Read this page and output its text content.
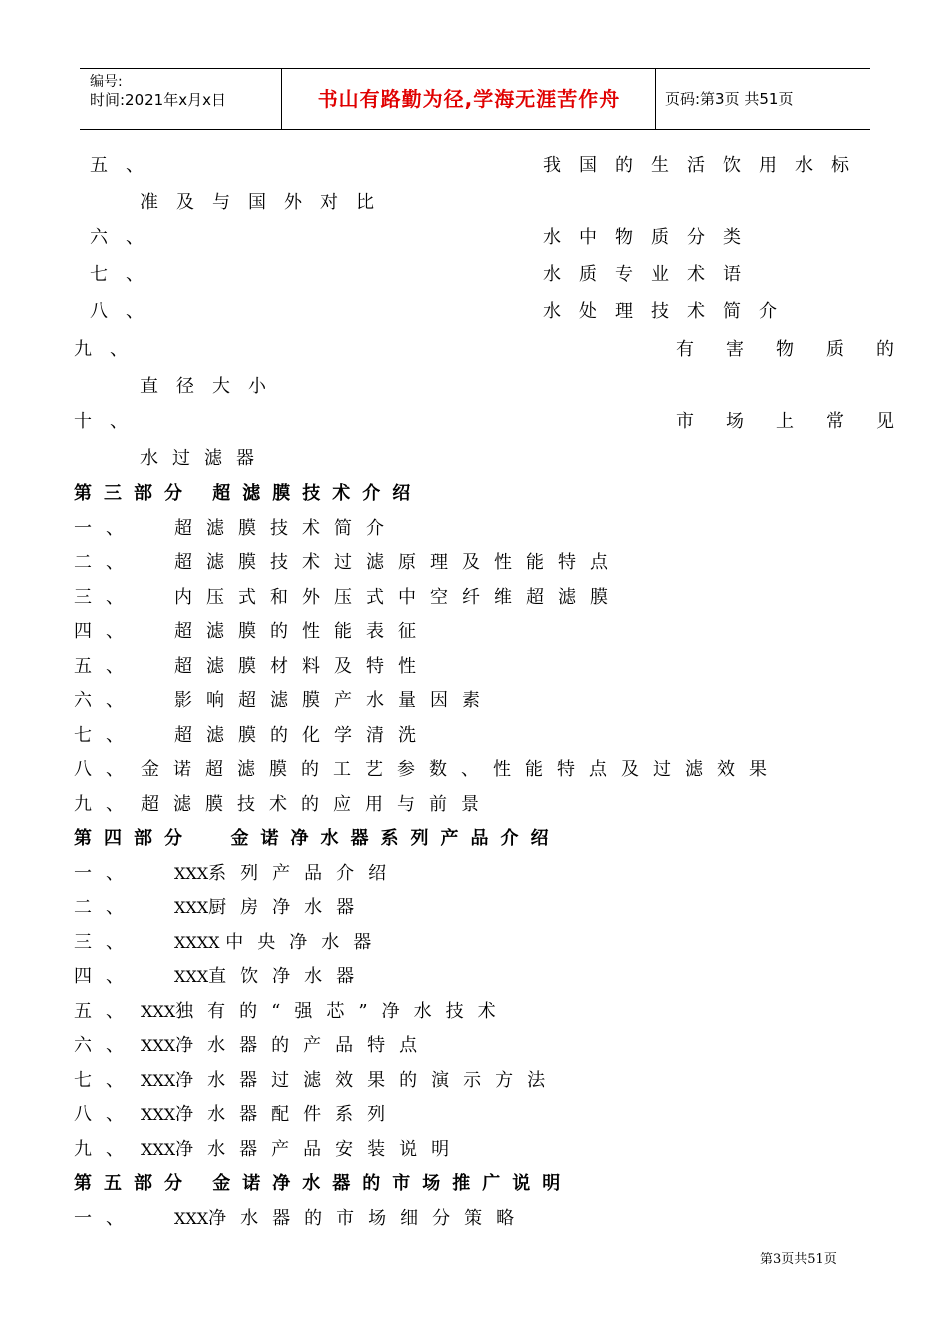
编号:
时间:2021年x月x日	书山有路勤为径,学海无涯苦作舟	页码:第3页 共51页
五、	我国的生活饮用水标
准及与国外对比
六、	水中物质分类
七、	水质专业术语
八、	水处理技术简介
九、	有害物质的
直径大小
十、	市场上常见
水过滤器
第三部分 超滤膜技术介绍
一、 超滤膜技术简介
二、 超滤膜技术过滤原理及性能特点
三、 内压式和外压式中空纤维超滤膜
四、 超滤膜的性能表征
五、 超滤膜材料及特性
六、 影响超滤膜产水量因素
七、 超滤膜的化学清洗
八、 金诺超滤膜的工艺参数、性能特点及过滤效果
九、 超滤膜技术的应用与前景
第四部分  金诺净水器系列产品介绍
一、 XXX系列产品介绍
二、 XXX厨房净水器
三、 XXXX 中央净水器
四、 XXX直饮净水器
五、 XXX独有的“强芯”净水技术
六、 XXX净水器的产品特点
七、 XXX净水器过滤效果的演示方法
八、 XXX净水器配件系列
九、 XXX净水器产品安装说明
第五部分 金诺净水器的市场推广说明
一、 XXX净水器的市场细分策略
第3页共51页
